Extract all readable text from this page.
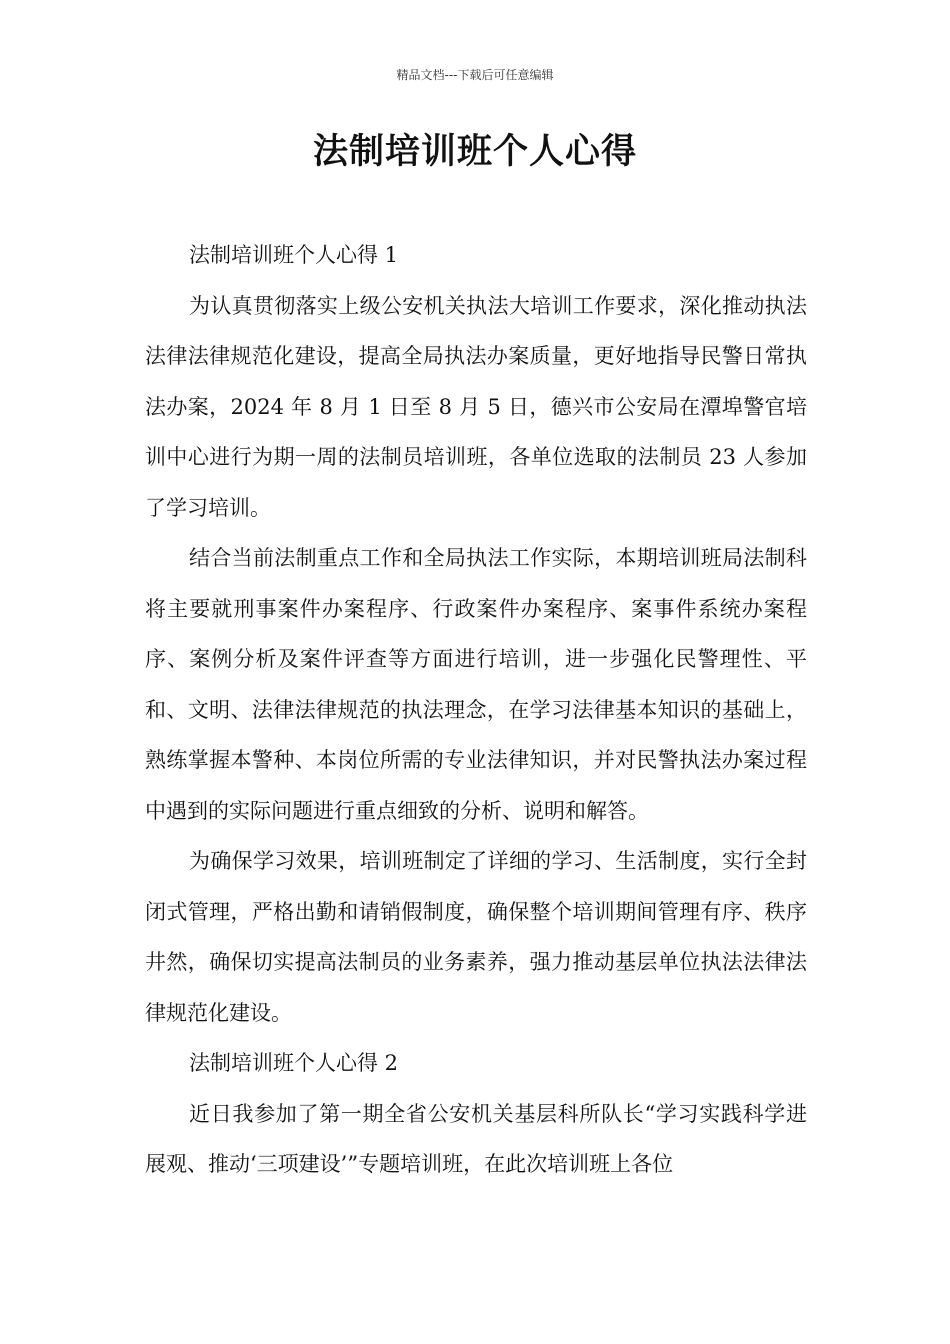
精品文档---下载后可任意编辑
法制培训班个人心得

法制培训班个人心得 1

为认真贯彻落实上级公安机关执法大培训工作要求，深化推动执法法律法律规范化建设，提高全局执法办案质量，更好地指导民警日常执法办案，2024 年 8 月 1 日至 8 月 5 日，德兴市公安局在潭埠警官培训中心进行为期一周的法制员培训班，各单位选取的法制员 23 人参加了学习培训。

结合当前法制重点工作和全局执法工作实际，本期培训班局法制科将主要就刑事案件办案程序、行政案件办案程序、案事件系统办案程序、案例分析及案件评查等方面进行培训，进一步强化民警理性、平和、文明、法律法律规范的执法理念，在学习法律基本知识的基础上，熟练掌握本警种、本岗位所需的专业法律知识，并对民警执法办案过程中遇到的实际问题进行重点细致的分析、说明和解答。

为确保学习效果，培训班制定了详细的学习、生活制度，实行全封闭式管理，严格出勤和请销假制度，确保整个培训期间管理有序、秩序井然，确保切实提高法制员的业务素养，强力推动基层单位执法法律法律规范化建设。

法制培训班个人心得 2

近日我参加了第一期全省公安机关基层科所队长“学习实践科学进展观、推动‘三项建设’”专题培训班，在此次培训班上各位
